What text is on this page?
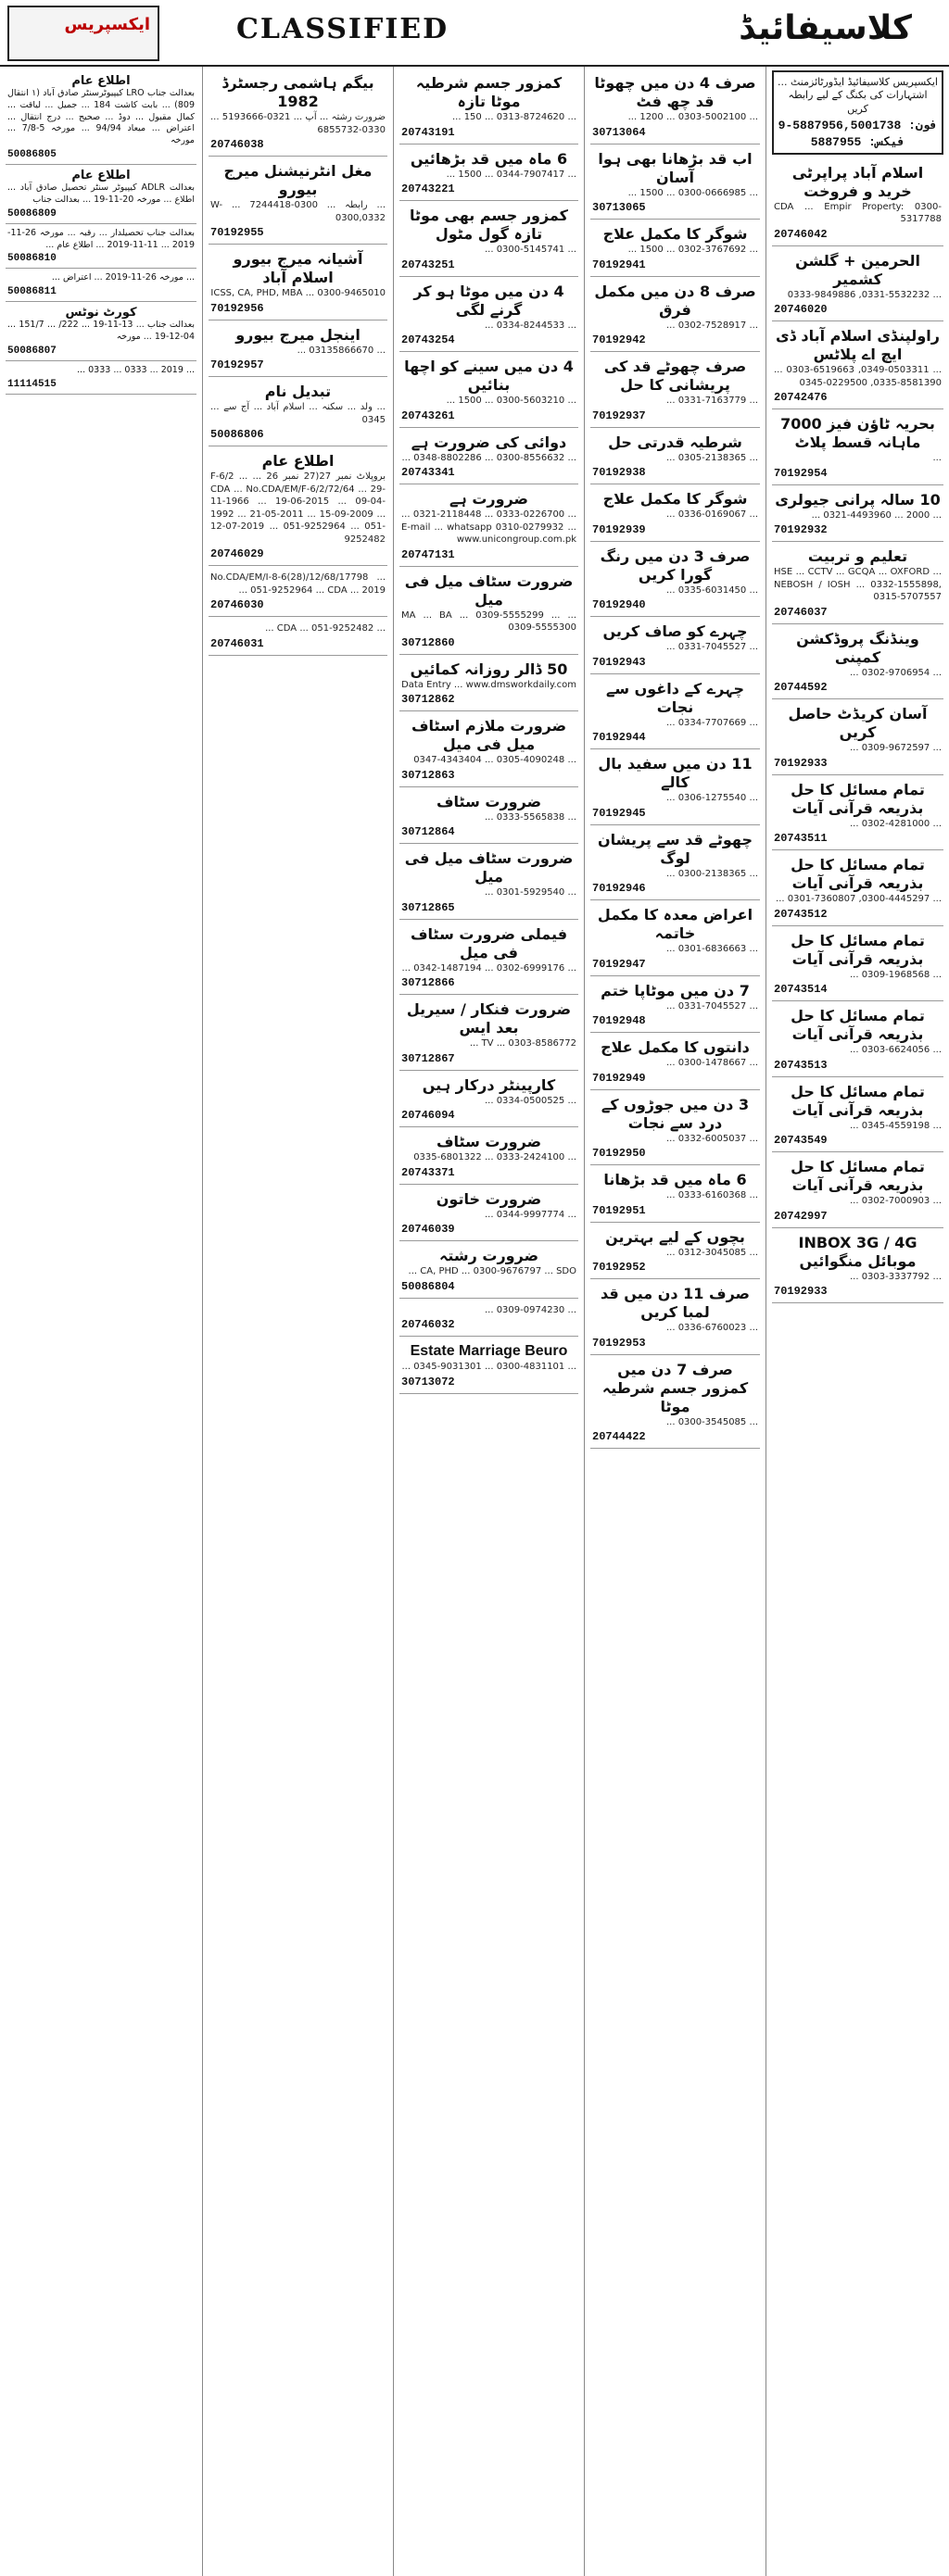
ایکسپریس	CLASSIFIED	کلاسیفائیڈ
اطلاع عام
بعدالت جناب LRO کیپیوٹرسنٹر صادق آباد (۱ انتقال 809) ... بابت کاشت 184 ... جمیل ... لیاقت ... کمال مقبول ... دوڈ ... صحیح ... درج انتقال ... اعتراض ... میعاد 94/94 ... مورخہ 5-7/8 ... مورخہ
50086805
اطلاع عام
بعدالت ADLR کیپیوٹر سنٹر تحصیل صادق آباد ... اطلاع ... مورخہ 20-11-19 ... بعدالت جناب
50086809
بعدالت جناب تحصیلدار ... رقبہ ... مورخہ 26-11-2019 ... 11-11-2019 ... اطلاع عام ...
50086810
... مورخہ 26-11-2019 ... اعتراض ...
50086811
کورٹ نوٹس
بعدالت جناب ... 13-11-19 ... 222/ ... 151/7 ... 04-12-19 ... مورخہ
50086807
... 2019 ... 0333 ... 0333 ...
11114515
بیگم ہاشمی رجسٹرڈ 1982
ضرورت رشتہ ... آپ ... 0321-5193666 ... 0330-6855732
20746038
مغل انٹرنیشنل میرج بیورو
... رابطہ ... 0300-7244418 ... W-0300,0332
70192955
آشیانہ میرج بیورو اسلام آباد
ICSS, CA, PHD, MBA ... 0300-9465010
70192956
اینجل میرج بیورو
... 03135866670 ...
70192957
تبدیل نام
... ولد ... سکنہ ... اسلام آباد ... آج سے ... 0345
50086806
اطلاع عام
بروپلاٹ نمبر 27(27 نمبر 26 ... F-6/2 ... CDA ... No.CDA/EM/F-6/2/72/64 ... 29-11-1966 ... 19-06-2015 ... 09-04-1992 ... 21-05-2011 ... 15-09-2009 ... 12-07-2019 ... 051-9252964 ... 051-9252482
20746029
... No.CDA/EM/I-8-6(28)/12/68/17798 ... 051-9252964 ... CDA ... 2019
20746030
... CDA ... 051-9252482 ...
20746031
کمزور جسم شرطیہ موٹا تازہ
... 0313-8724620 ... 150 ...
20743191
6 ماہ میں قد بڑھائیں
... 0344-7907417 ... 1500 ...
20743221
کمزور جسم بھی موٹا تازہ گول مٹول
... 0300-5145741 ...
20743251
4 دن میں موٹا ہو کر گرنے لگی
... 0334-8244533 ...
20743254
4 دن میں سینے کو اچھا بنائیں
... 0300-5603210 ... 1500 ...
20743261
دوائی کی ضرورت ہے
... 0300-8556632 ... 0348-8802286 ...
20743341
ضرورت ہے
... 0333-0226700 ... 0321-2118448 ... E-mail ... whatsapp 0310-0279932 ... www.unicongroup.com.pk
20747131
ضرورت سٹاف میل فی میل
... MA ... BA ... 0309-5555299 ... 0309-5555300
30712860
50 ڈالر روزانہ کمائیں
Data Entry ... www.dmsworkdaily.com
30712862
ضرورت ملازم اسٹاف میل فی میل
... 0305-4090248 ... 0347-4343404
30712863
ضرورت سٹاف
... 0333-5565838 ...
30712864
ضرورت سٹاف میل فی میل
... 0301-5929540 ...
30712865
فیملی ضرورت سٹاف فی میل
... 0302-6999176 ... 0342-1487194 ...
30712866
ضرورت فنکار / سیریل بعد ایس
TV ... 0303-8586772 ...
30712867
کارپینٹر درکار ہیں
... 0334-0500525 ...
20746094
ضرورت سٹاف
... 0333-2424100 ... 0335-6801322
20743371
ضرورت خاتون
... 0344-9997774 ...
20746039
ضرورت رشتہ
CA, PHD ... 0300-9676797 ... SDO ...
50086804
... 0309-0974230 ...
20746032
Estate Marriage Beuro
... 0300-4831101 ... 0345-9031301 ...
30713072
صرف 4 دن میں چھوٹا قد چھ فٹ
... 0303-5002100 ... 1200 ...
30713064
اب قد بڑھانا بھی ہوا آسان
... 0300-0666985 ... 1500 ...
30713065
شوگر کا مکمل علاج
... 0302-3767692 ... 1500 ...
70192941
صرف 8 دن میں مکمل فرق
... 0302-7528917 ...
70192942
صرف چھوٹے قد کی پریشانی کا حل
... 0331-7163779 ...
70192937
شرطیہ قدرتی حل
... 0305-2138365 ...
70192938
شوگر کا مکمل علاج
... 0336-0169067 ...
70192939
صرف 3 دن میں رنگ گورا کریں
... 0335-6031450 ...
70192940
چہرے کو صاف کریں
... 0331-7045527 ...
70192943
چہرے کے داغوں سے نجات
... 0334-7707669 ...
70192944
11 دن میں سفید بال کالے
... 0306-1275540 ...
70192945
چھوٹے قد سے پریشان لوگ
... 0300-2138365 ...
70192946
اعراض معدہ کا مکمل خاتمہ
... 0301-6836663 ...
70192947
7 دن میں موٹاپا ختم
... 0331-7045527 ...
70192948
دانتوں کا مکمل علاج
... 0300-1478667 ...
70192949
3 دن میں جوڑوں کے درد سے نجات
... 0332-6005037 ...
70192950
6 ماہ میں قد بڑھانا
... 0333-6160368 ...
70192951
بچوں کے لیے بہترین
... 0312-3045085 ...
70192952
صرف 11 دن میں قد لمبا کریں
... 0336-6760023 ...
70192953
صرف 7 دن میں کمزور جسم شرطیہ موٹا
... 0300-3545085 ...
20744422
ایکسپریس کلاسیفائیڈ ایڈورٹائزمنٹ ... اشتہارات کی بکنگ کے لیے رابطہ کریں
فون: 5887956,5001738-9
فیکس: 5887955
اسلام آباد پراپرٹی خرید و فروخت
CDA ... Empir Property: 0300-5317788
20746042
الحرمین + گلشن کشمیر
... 0331-5532232, 0333-9849886
20746020
راولپنڈی اسلام آباد ڈی ایچ اے پلاٹس
... 0349-0503311, 0303-6519663 ... 0335-8581390, 0345-0229500
20742476
بحریہ ٹاؤن فیز 7000 ماہانہ قسط پلاٹ
...
70192954
10 سالہ پرانی جیولری
... 2000 ... 0321-4493960 ...
70192932
تعلیم و تربیت
HSE ... CCTV ... GCQA ... OXFORD ... NEBOSH / IOSH ... 0332-1555898, 0315-5707557
20746037
وینڈنگ پروڈکشن کمپنی
... 0302-9706954 ...
20744592
آسان کریڈٹ حاصل کریں
... 0309-9672597 ...
70192933
تمام مسائل کا حل بذریعہ قرآنی آیات
... 0302-4281000 ...
20743511
تمام مسائل کا حل بذریعہ قرآنی آیات
... 0300-4445297, 0301-7360807 ...
20743512
تمام مسائل کا حل بذریعہ قرآنی آیات
... 0309-1968568 ...
20743514
تمام مسائل کا حل بذریعہ قرآنی آیات
... 0303-6624056 ...
20743513
تمام مسائل کا حل بذریعہ قرآنی آیات
... 0345-4559198 ...
20743549
تمام مسائل کا حل بذریعہ قرآنی آیات
... 0302-7000903 ...
20742997
INBOX 3G / 4G موبائل منگوائیں
... 0303-3337792 ...
70192933
